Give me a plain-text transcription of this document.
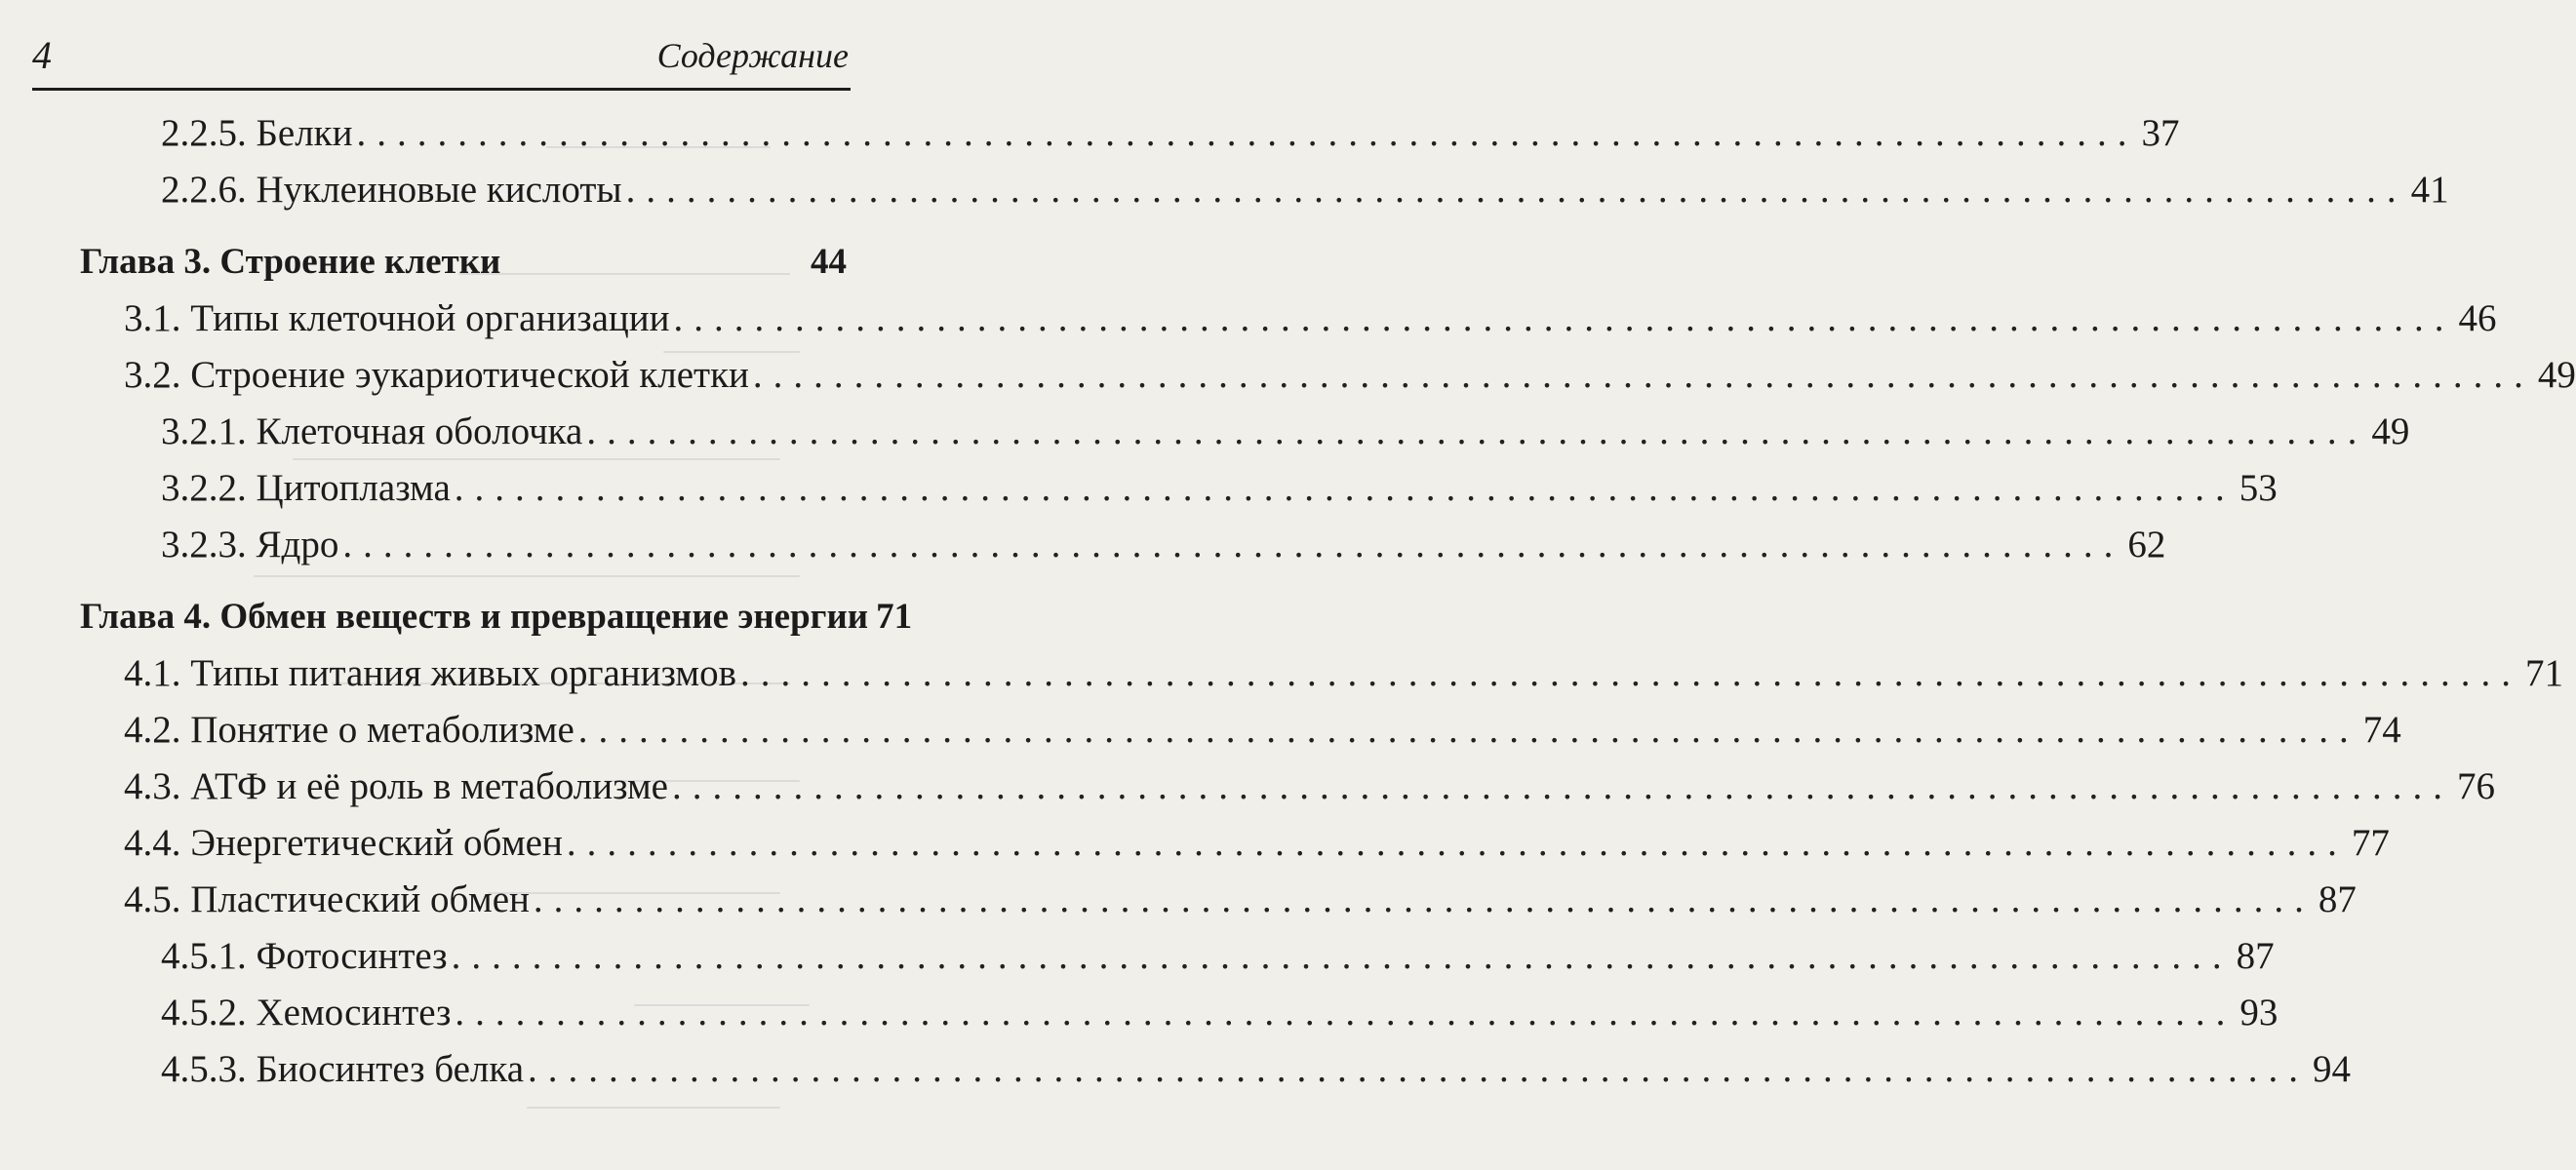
4	Содержание
2.2.5. Белки ........................................................................................ 37
2.2.6. Нуклеиновые кислоты ........................................................................................ 41
Глава 3. Строение клетки	44
3.1. Типы клеточной организации ........................................................................................ 46
3.2. Строение эукариотической клетки ........................................................................................ 49
3.2.1. Клеточная оболочка ........................................................................................ 49
3.2.2. Цитоплазма ........................................................................................ 53
3.2.3. Ядро ........................................................................................ 62
Глава 4. Обмен веществ и превращение энергии 71
4.1. Типы питания живых организмов ........................................................................................ 71
4.2. Понятие о метаболизме ........................................................................................ 74
4.3. АТФ и её роль в метаболизме ........................................................................................ 76
4.4. Энергетический обмен ........................................................................................ 77
4.5. Пластический обмен ........................................................................................ 87
4.5.1. Фотосинтез ........................................................................................ 87
4.5.2. Хемосинтез ........................................................................................ 93
4.5.3. Биосинтез белка ........................................................................................ 94
